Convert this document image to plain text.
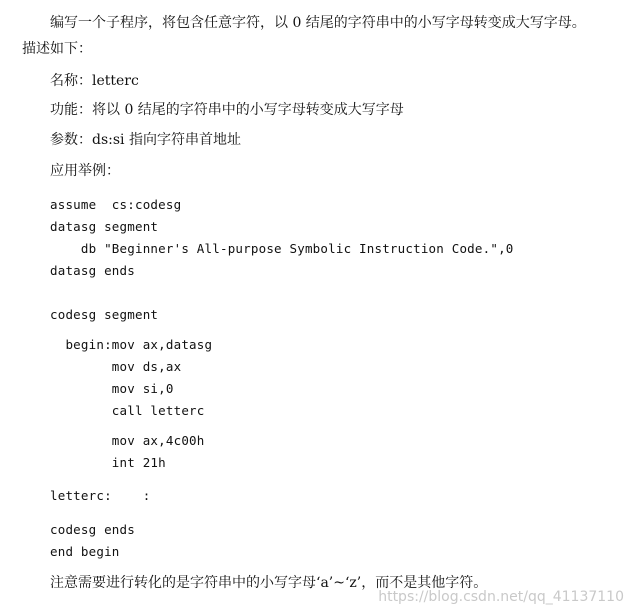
编写一个子程序，将包含任意字符，以 0 结尾的字符串中的小写字母转变成大写字母。
描述如下：
名称：letterc
功能：将以 0 结尾的字符串中的小写字母转变成大写字母
参数：ds:si 指向字符串首地址
应用举例：
assume  cs:codesg
datasg segment
db "Beginner's All-purpose Symbolic Instruction Code.",0
datasg ends
codesg segment
begin:mov ax,datasg
mov ds,ax
mov si,0
call letterc
mov ax,4c00h
int 21h
letterc:    :
codesg ends
end begin
注意需要进行转化的是字符串中的小写字母‘a’~‘z’，而不是其他字符。
https://blog.csdn.net/qq_41137110
